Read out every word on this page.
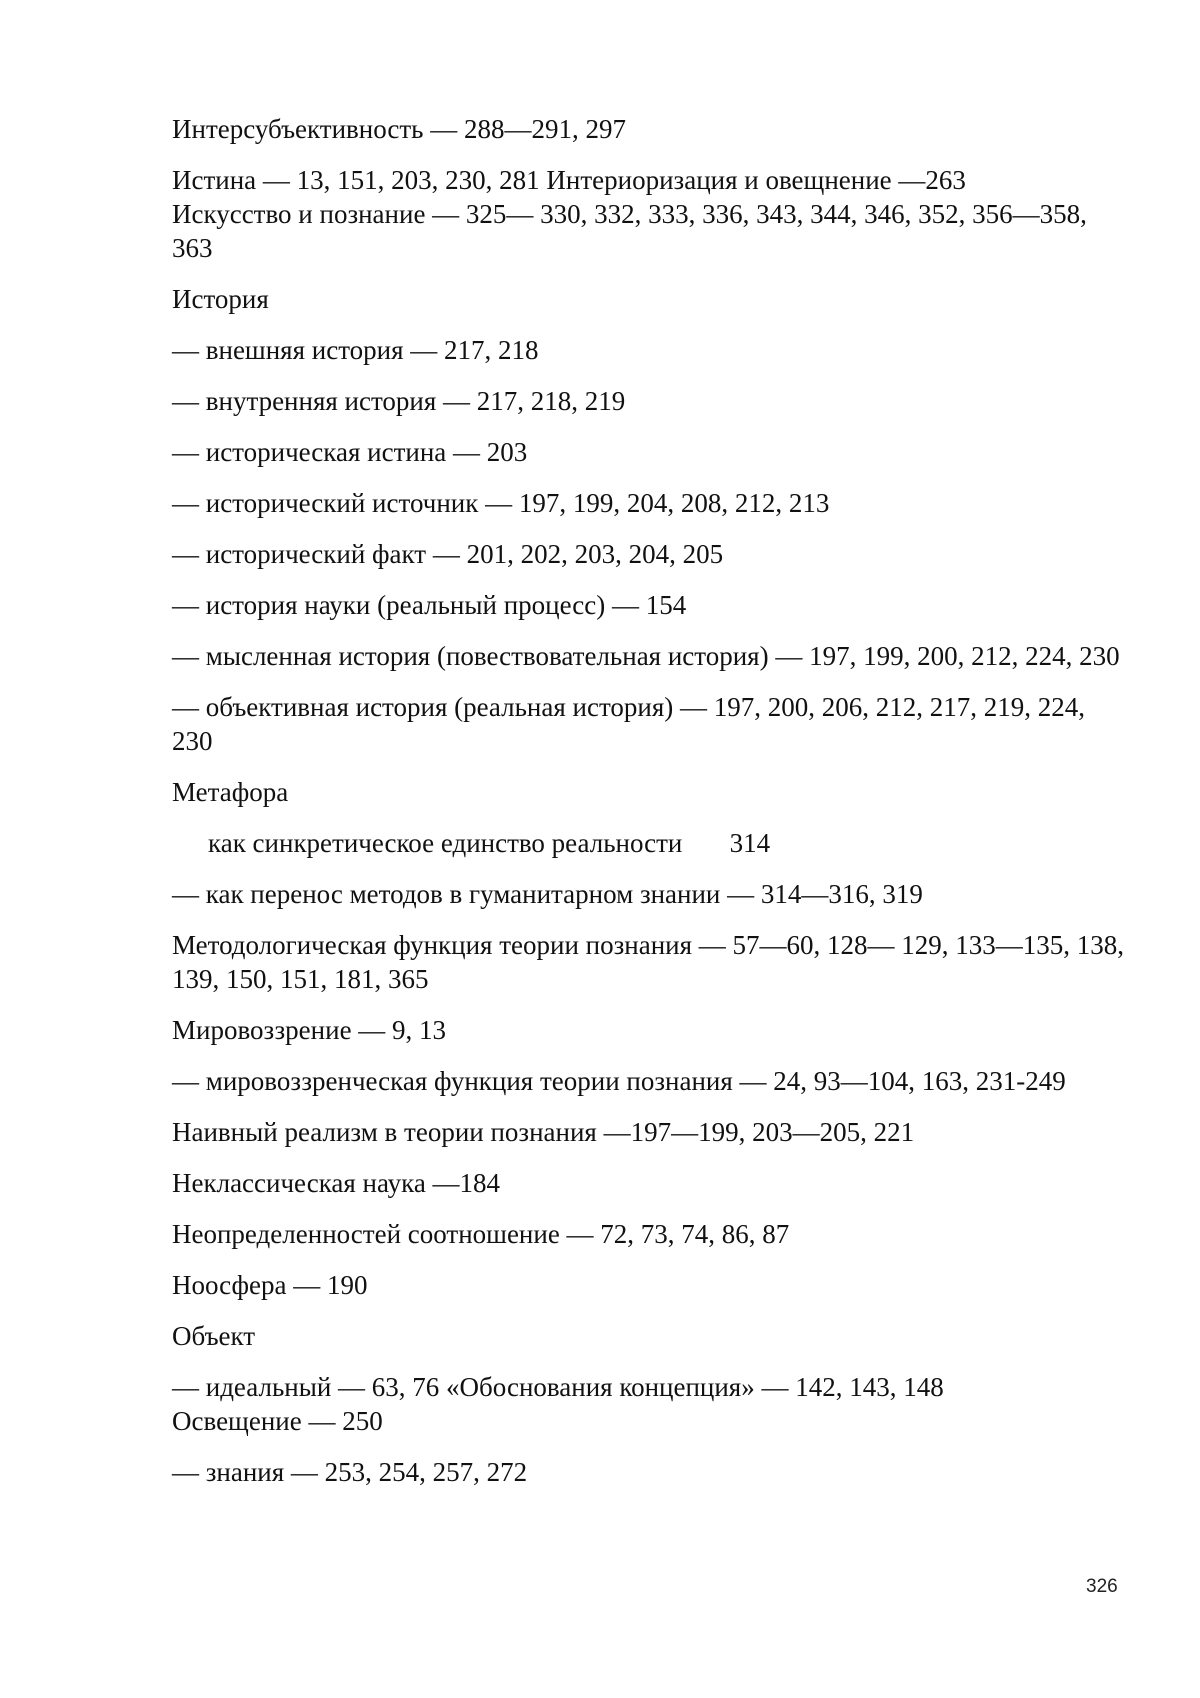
Интерсубъективность — 288—291, 297
Истина — 13, 151, 203, 230, 281 Интериоризация и овещнение —263
Искусство и познание — 325— 330, 332, 333, 336, 343, 344, 346, 352, 356—358, 363
История
— внешняя история — 217, 218
— внутренняя история — 217, 218, 219
— историческая истина — 203
— исторический источник — 197, 199, 204, 208, 212, 213
— исторический факт — 201, 202, 203, 204, 205
— история науки (реальный процесс) — 154
— мысленная история (повествовательная история) — 197, 199, 200, 212, 224, 230
— объективная история (реальная история) — 197, 200, 206, 212, 217, 219, 224, 230
Метафора
как синкретическое единство реальности       314
— как перенос методов в гуманитарном знании — 314—316, 319
Методологическая функция теории познания — 57—60, 128— 129, 133—135, 138, 139, 150, 151, 181, 365
Мировоззрение — 9, 13
— мировоззренческая функция теории познания — 24, 93—104, 163, 231-249
Наивный реализм в теории познания —197—199, 203—205, 221
Неклассическая наука —184
Неопределенностей соотношение — 72, 73, 74, 86, 87
Ноосфера — 190
Объект
— идеальный — 63, 76 «Обоснования концепция» — 142, 143, 148
Освещение — 250
— знания — 253, 254, 257, 272
326
